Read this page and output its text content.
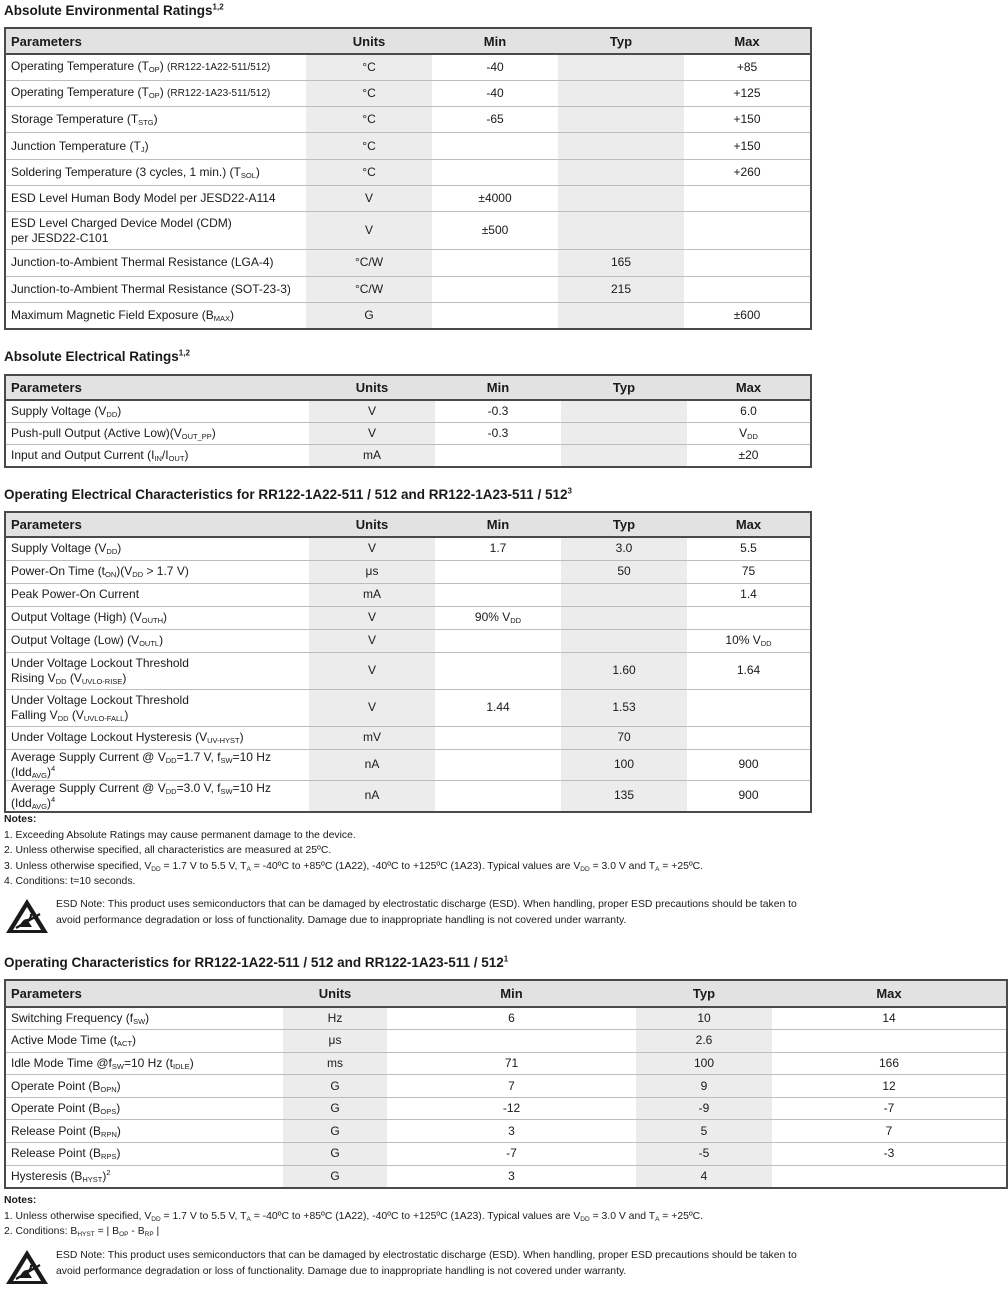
Absolute Environmental Ratings$^{1,2}$
Parameters	Units	Min	Typ	Max
Operating Temperature $(T_{OP})$ (RR122-1A22-511/512)	°C	-40		+85
Operating Temperature $(T_{OP})$ (RR122-1A23-511/512)	°C	-40		+125
Storage Temperature $(T_{STG})$	°C	-65		+150
Junction Temperature $(T_J)$	°C			+150
Soldering Temperature (3 cycles, 1 min.) $(T_{SOL})$	°C			+260
ESD Level Human Body Model per JESD22-A114	V	±4000		
ESD Level Charged Device Model (CDM)
per JESD22-C101	V	±500		
Junction-to-Ambient Thermal Resistance (LGA-4)	°C/W		165	
Junction-to-Ambient Thermal Resistance (SOT-23-3)	°C/W		215	
Maximum Magnetic Field Exposure $(B_{MAX})$	G			±600
Absolute Electrical Ratings$^{1,2}$
Parameters	Units	Min	Typ	Max
Supply Voltage $(V_{DD})$	V	-0.3		6.0
Push-pull Output (Active $Low)(V_{OUT\_PP})$	V	-0.3		$V_{DD}$
Input and Output Current $(I_{IN}/I_{OUT})$	mA			±20
Operating Electrical Characteristics for RR122-1A22-511 / 512 and $RR122-1A23-511 / 512^3$
Parameters	Units	Min	Typ	Max
Supply Voltage $(V_{DD})$	V	1.7	3.0	5.5
Power-On Time $(t_{ON})(V_{DD} > 1.7$ V)	μs		50	75
Peak Power-On Current	mA			1.4
Output Voltage (High) $(V_{OUTH})$	V	90% $V_{DD}$		
Output Voltage (Low) $(V_{OUTL})$	V			10% $V_{DD}$
Under Voltage Lockout Threshold
Rising $V_{DD}$ $(V_{UVLO-RISE})$	V		1.60	1.64
Under Voltage Lockout Threshold
Falling $V_{DD}$ $(V_{UVLO-FALL})$	V	1.44	1.53	
Under Voltage Lockout Hysteresis $(V_{UV-HYST})$	mV		70	
Average Supply Current @ $V_{DD}=1.7$ V, $f_{SW}=10$ Hz $(Idd_{AVG})^4$	nA		100	900
Average Supply Current @ $V_{DD}=3.0$ V, $f_{SW}=10$ Hz $(Idd_{AVG})^4$	nA		135	900
Notes:
1. Exceeding Absolute Ratings may cause permanent damage to the device.
2. Unless otherwise specified, all characteristics are measured at 25ºC.
3. Unless otherwise specified, $V_{DD} = 1.7$ V to 5.5 V, $T_A$ = -40ºC to +85ºC (1A22), -40ºC to +125ºC (1A23). Typical values are $V_{DD} = 3.0$ V and $T_A$ = +25ºC.
4. Conditions: t=10 seconds.
ESD Note: This product uses semiconductors that can be damaged by electrostatic discharge (ESD). When handling, proper ESD precautions should be taken to avoid performance degradation or loss of functionality. Damage due to inappropriate handling is not covered under warranty.
Operating Characteristics for RR122-1A22-511 / 512 and $RR122-1A23-511 / 512^1$
Parameters	Units	Min	Typ	Max
Switching Frequency $(f_{SW})$	Hz	6	10	14
Active Mode Time $(t_{ACT})$	μs		2.6	
Idle Mode Time $@f_{SW}=10$ Hz $(t_{IDLE})$	ms	71	100	166
Operate Point $(B_{OPN})$	G	7	9	12
Operate Point $(B_{OPS})$	G	-12	-9	-7
Release Point $(B_{RPN})$	G	3	5	7
Release Point $(B_{RPS})$	G	-7	-5	-3
Hysteresis $(B_{HYST})^2$	G	3	4	
Notes:
1. Unless otherwise specified, $V_{DD} = 1.7$ V to 5.5 V, $T_A$ = -40ºC to +85ºC (1A22), -40ºC to +125ºC (1A23). Typical values are $V_{DD} = 3.0$ V and $T_A$ = +25ºC.
2. Conditions: $B_{HYST}$ = | $B_{OP} - B_{RP}$ |
ESD Note: This product uses semiconductors that can be damaged by electrostatic discharge (ESD). When handling, proper ESD precautions should be taken to avoid performance degradation or loss of functionality. Damage due to inappropriate handling is not covered under warranty.
